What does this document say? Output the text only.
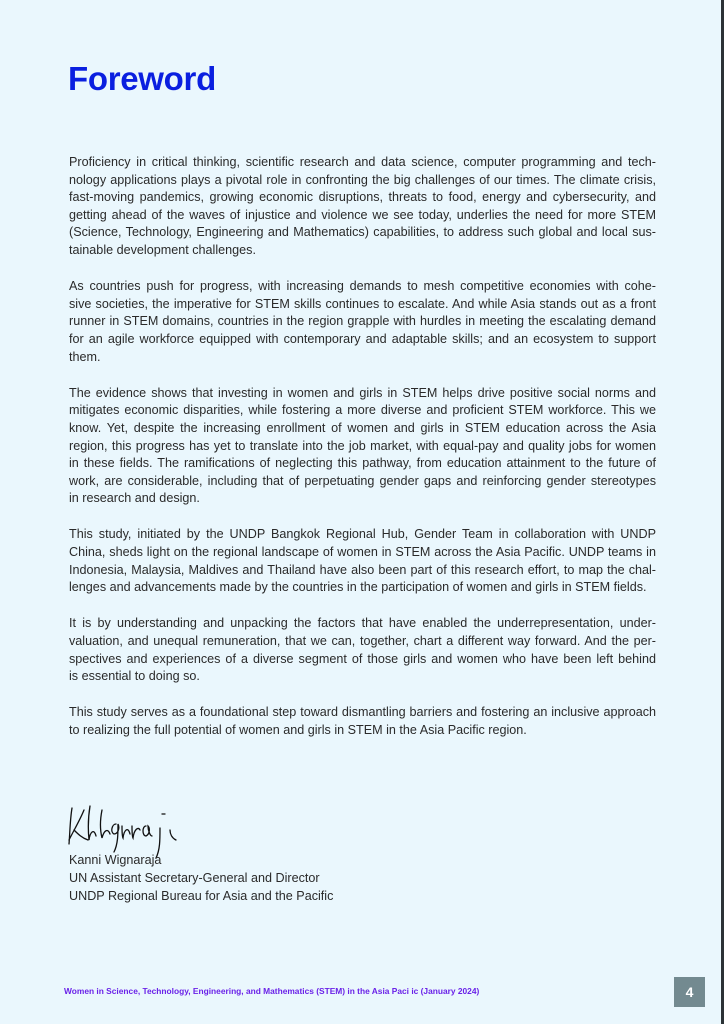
Foreword
Proficiency in critical thinking, scientific research and data science, computer programming and tech-
nology applications plays a pivotal role in confronting the big challenges of our times. The climate crisis,
fast-moving pandemics, growing economic disruptions, threats to food, energy and cybersecurity, and
getting ahead of the waves of injustice and violence we see today, underlies the need for more STEM
(Science, Technology, Engineering and Mathematics) capabilities, to address such global and local sus-
tainable development challenges.
As countries push for progress, with increasing demands to mesh competitive economies with cohe-
sive societies, the imperative for STEM skills continues to escalate. And while Asia stands out as a front
runner in STEM domains, countries in the region grapple with hurdles in meeting the escalating demand
for an agile workforce equipped with contemporary and adaptable skills; and an ecosystem to support
them.
The evidence shows that investing in women and girls in STEM helps drive positive social norms and
mitigates economic disparities, while fostering a more diverse and proficient STEM workforce. This we
know. Yet, despite the increasing enrollment of women and girls in STEM education across the Asia
region, this progress has yet to translate into the job market, with equal-pay and quality jobs for women
in these fields. The ramifications of neglecting this pathway, from education attainment to the future of
work, are considerable, including that of perpetuating gender gaps and reinforcing gender stereotypes
in research and design.
This study, initiated by the UNDP Bangkok Regional Hub, Gender Team in collaboration with UNDP
China, sheds light on the regional landscape of women in STEM across the Asia Pacific. UNDP teams in
Indonesia, Malaysia, Maldives and Thailand have also been part of this research effort, to map the chal-
lenges and advancements made by the countries in the participation of women and girls in STEM fields.
It is by understanding and unpacking the factors that have enabled the underrepresentation, under-
valuation, and unequal remuneration, that we can, together, chart a different way forward. And the per-
spectives and experiences of a diverse segment of those girls and women who have been left behind
is essential to doing so.
This study serves as a foundational step toward dismantling barriers and fostering an inclusive approach
to realizing the full potential of women and girls in STEM in the Asia Pacific region.
Kanni Wignaraja
UN Assistant Secretary-General and Director
UNDP Regional Bureau for Asia and the Pacific
Women in Science, Technology, Engineering, and Mathematics (STEM) in the Asia Paci ic (January 2024)	4
